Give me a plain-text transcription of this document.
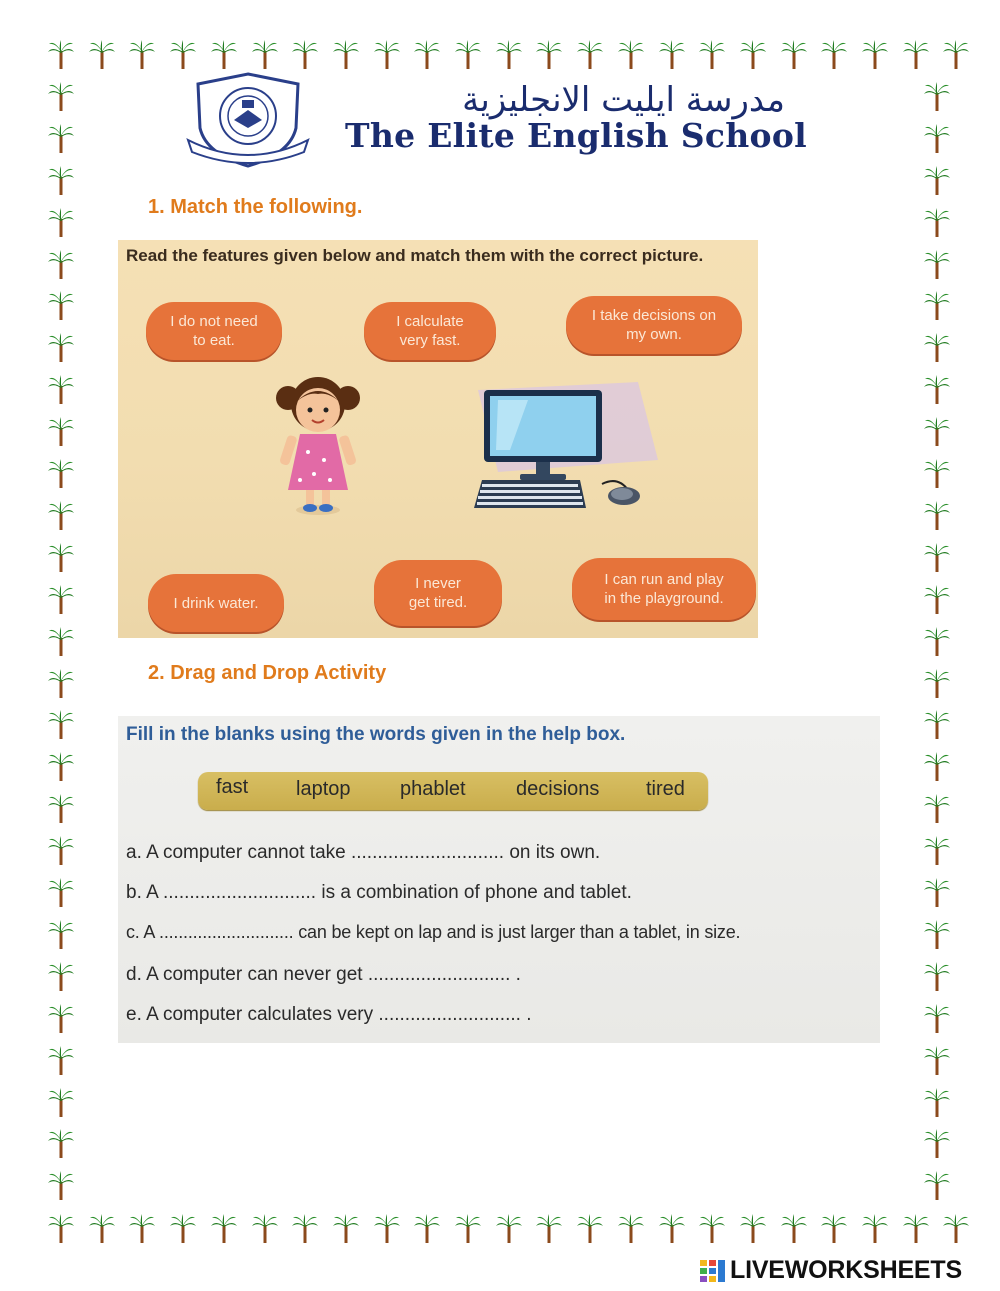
مدرسة ايليت الانجليزية
The Elite English School
1. Match the following.
Read the features given below and match them with the correct picture.
I do not need
to eat.
I calculate
very fast.
I take decisions on
my own.
I drink water.
I never
get tired.
I can run and play
in the playground.
2. Drag and Drop Activity
Fill in the blanks using the words given in the help box.
fast laptop phablet	decisions tired
a. A computer cannot take ............................. on its own.
b. A ............................. is a combination of phone and tablet.
c. A ............................ can be kept on lap and is just larger than a tablet, in size.
d. A computer can never get ........................... .
e. A computer calculates very ........................... .
LIVEWORKSHEETS
